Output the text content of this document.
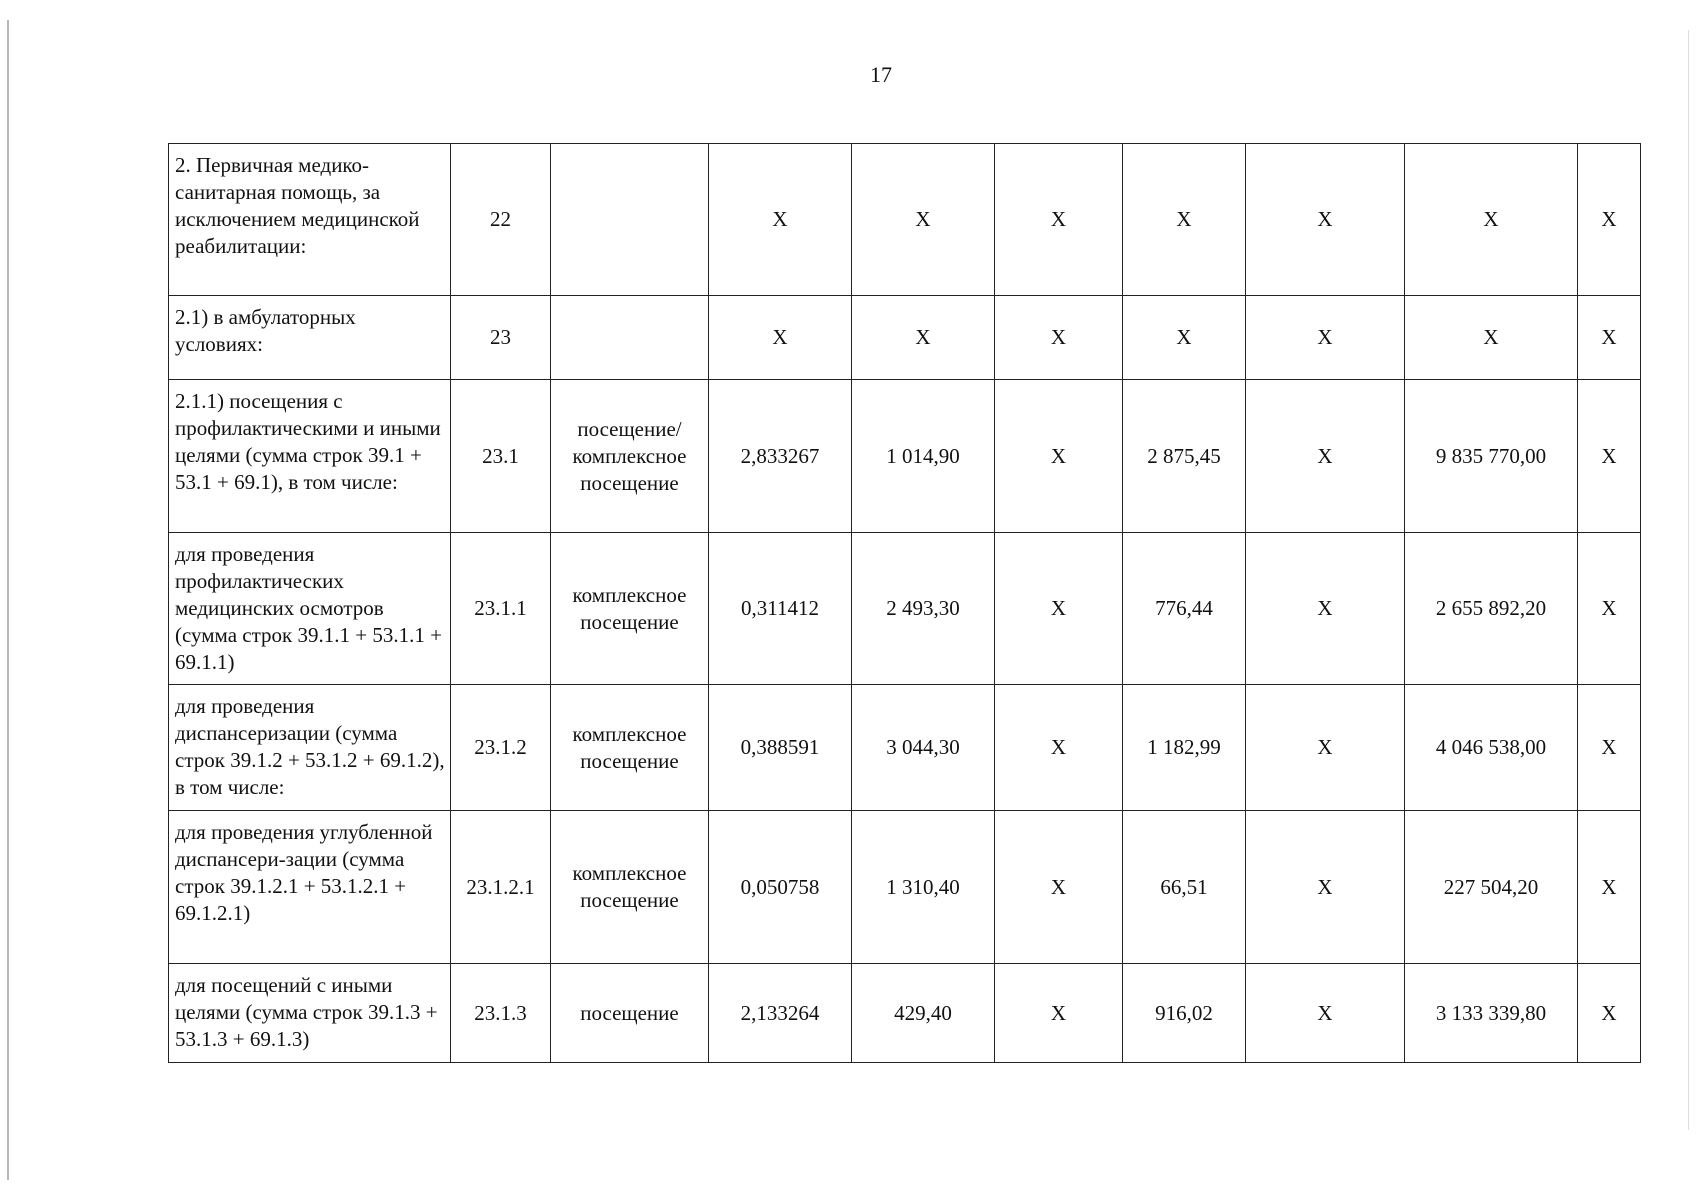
17
2. Первичная медико-санитарная помощь, за исключением медицинской реабилитации:	22		X	X	X	X	X	X	X
2.1) в амбулаторных условиях:	23		X	X	X	X	X	X	X
2.1.1) посещения с профилактическими и иными целями (сумма строк 39.1 + 53.1 + 69.1), в том числе:	23.1	посещение/ комплексное посещение	2,833267	1 014,90	X	2 875,45	X	9 835 770,00	X
для проведения профилактических медицинских осмотров (сумма строк 39.1.1 + 53.1.1 + 69.1.1)	23.1.1	комплексное посещение	0,311412	2 493,30	X	776,44	X	2 655 892,20	X
для проведения диспансеризации (сумма строк 39.1.2 + 53.1.2 + 69.1.2), в том числе:	23.1.2	комплексное посещение	0,388591	3 044,30	X	1 182,99	X	4 046 538,00	X
для проведения углубленной диспансери-зации (сумма строк 39.1.2.1 + 53.1.2.1 + 69.1.2.1)	23.1.2.1	комплексное посещение	0,050758	1 310,40	X	66,51	X	227 504,20	X
для посещений с иными целями (сумма строк 39.1.3 + 53.1.3 + 69.1.3)	23.1.3	посещение	2,133264	429,40	X	916,02	X	3 133 339,80	X
